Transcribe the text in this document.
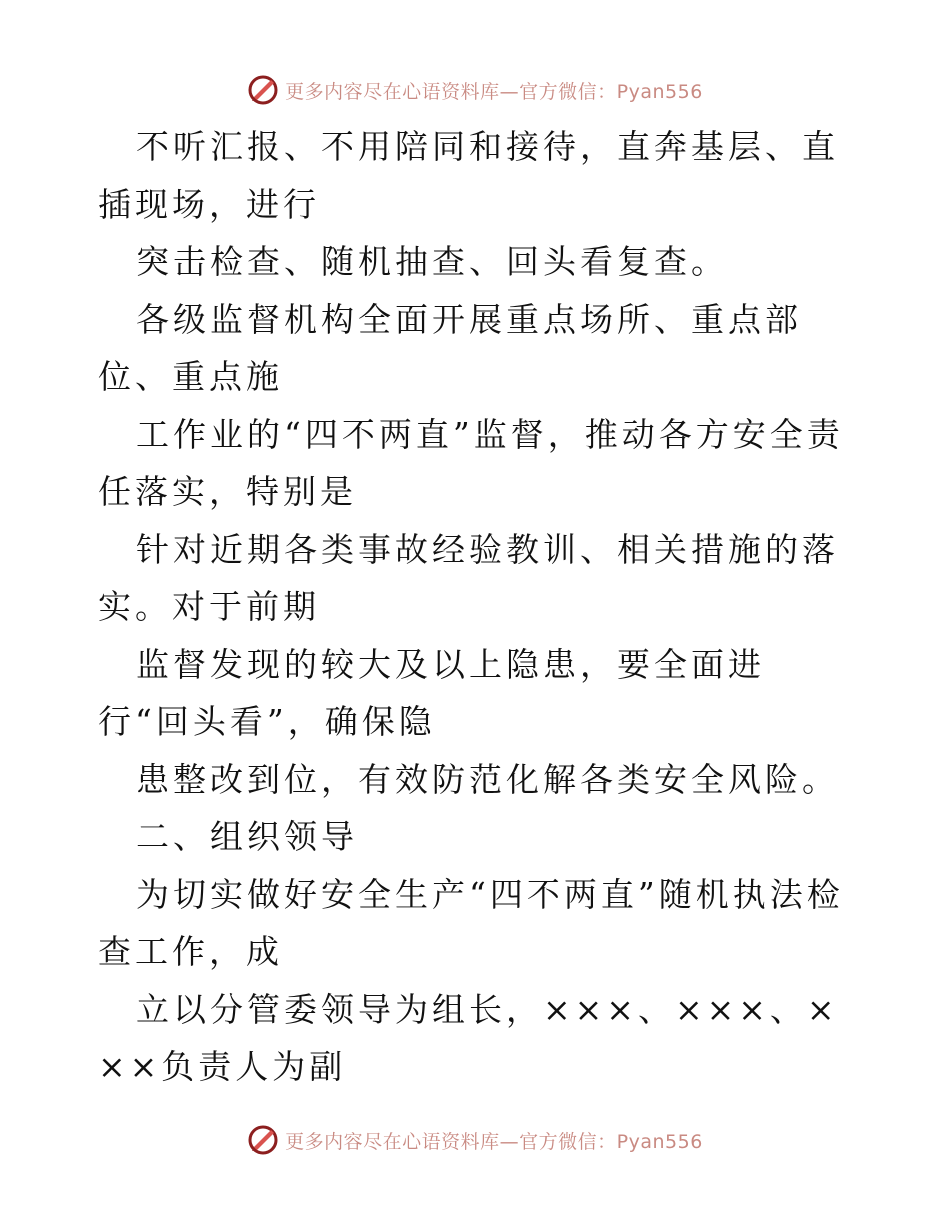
更多内容尽在心语资料库—官方微信：Pyan556

不听汇报、不用陪同和接待，直奔基层、直插现场，进行

突击检查、随机抽查、回头看复查。

各级监督机构全面开展重点场所、重点部位、重点施

工作业的“四不两直”监督，推动各方安全责任落实，特别是

针对近期各类事故经验教训、相关措施的落实。对于前期

监督发现的较大及以上隐患，要全面进行“回头看”，确保隐

患整改到位，有效防范化解各类安全风险。

二、组织领导

为切实做好安全生产“四不两直”随机执法检查工作，成

立以分管委领导为组长，×××、×××、×××负责人为副

更多内容尽在心语资料库—官方微信：Pyan556
